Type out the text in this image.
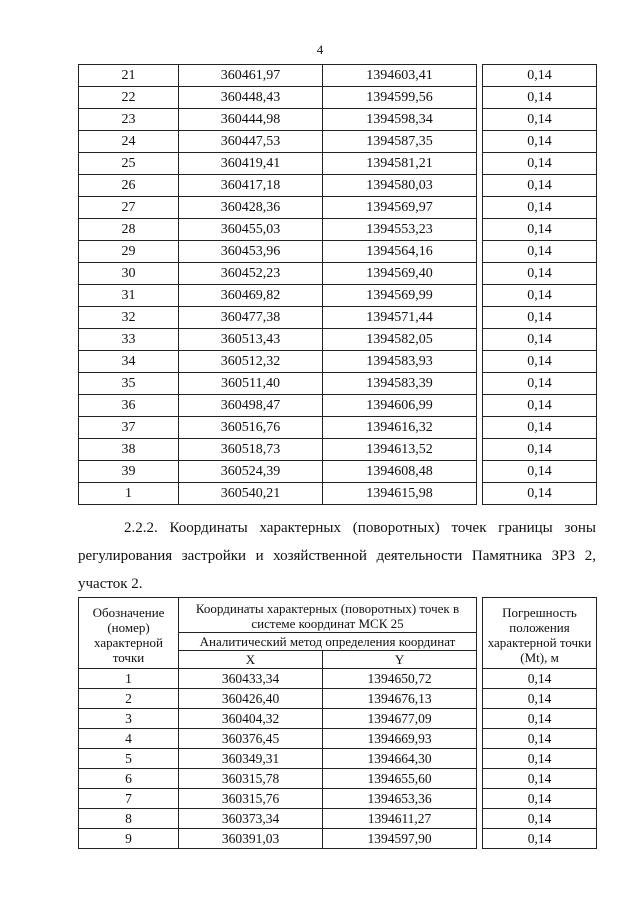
4
21	360461,97	1394603,41		0,14
22	360448,43	1394599,56		0,14
23	360444,98	1394598,34		0,14
24	360447,53	1394587,35		0,14
25	360419,41	1394581,21		0,14
26	360417,18	1394580,03		0,14
27	360428,36	1394569,97		0,14
28	360455,03	1394553,23		0,14
29	360453,96	1394564,16		0,14
30	360452,23	1394569,40		0,14
31	360469,82	1394569,99		0,14
32	360477,38	1394571,44		0,14
33	360513,43	1394582,05		0,14
34	360512,32	1394583,93		0,14
35	360511,40	1394583,39		0,14
36	360498,47	1394606,99		0,14
37	360516,76	1394616,32		0,14
38	360518,73	1394613,52		0,14
39	360524,39	1394608,48		0,14
1	360540,21	1394615,98		0,14
2.2.2. Координаты характерных (поворотных) точек границы зоны
регулирования застройки и хозяйственной деятельности Памятника ЗРЗ 2,
участок 2.
Обозначение (номер) характерной точки	Координаты характерных (поворотных) точек в системе координат МСК 25			Погрешность положения характерной точки (Mt), м
	Аналитический метод определения координат			
	X	Y		
1	360433,34	1394650,72		0,14
2	360426,40	1394676,13		0,14
3	360404,32	1394677,09		0,14
4	360376,45	1394669,93		0,14
5	360349,31	1394664,30		0,14
6	360315,78	1394655,60		0,14
7	360315,76	1394653,36		0,14
8	360373,34	1394611,27		0,14
9	360391,03	1394597,90		0,14
